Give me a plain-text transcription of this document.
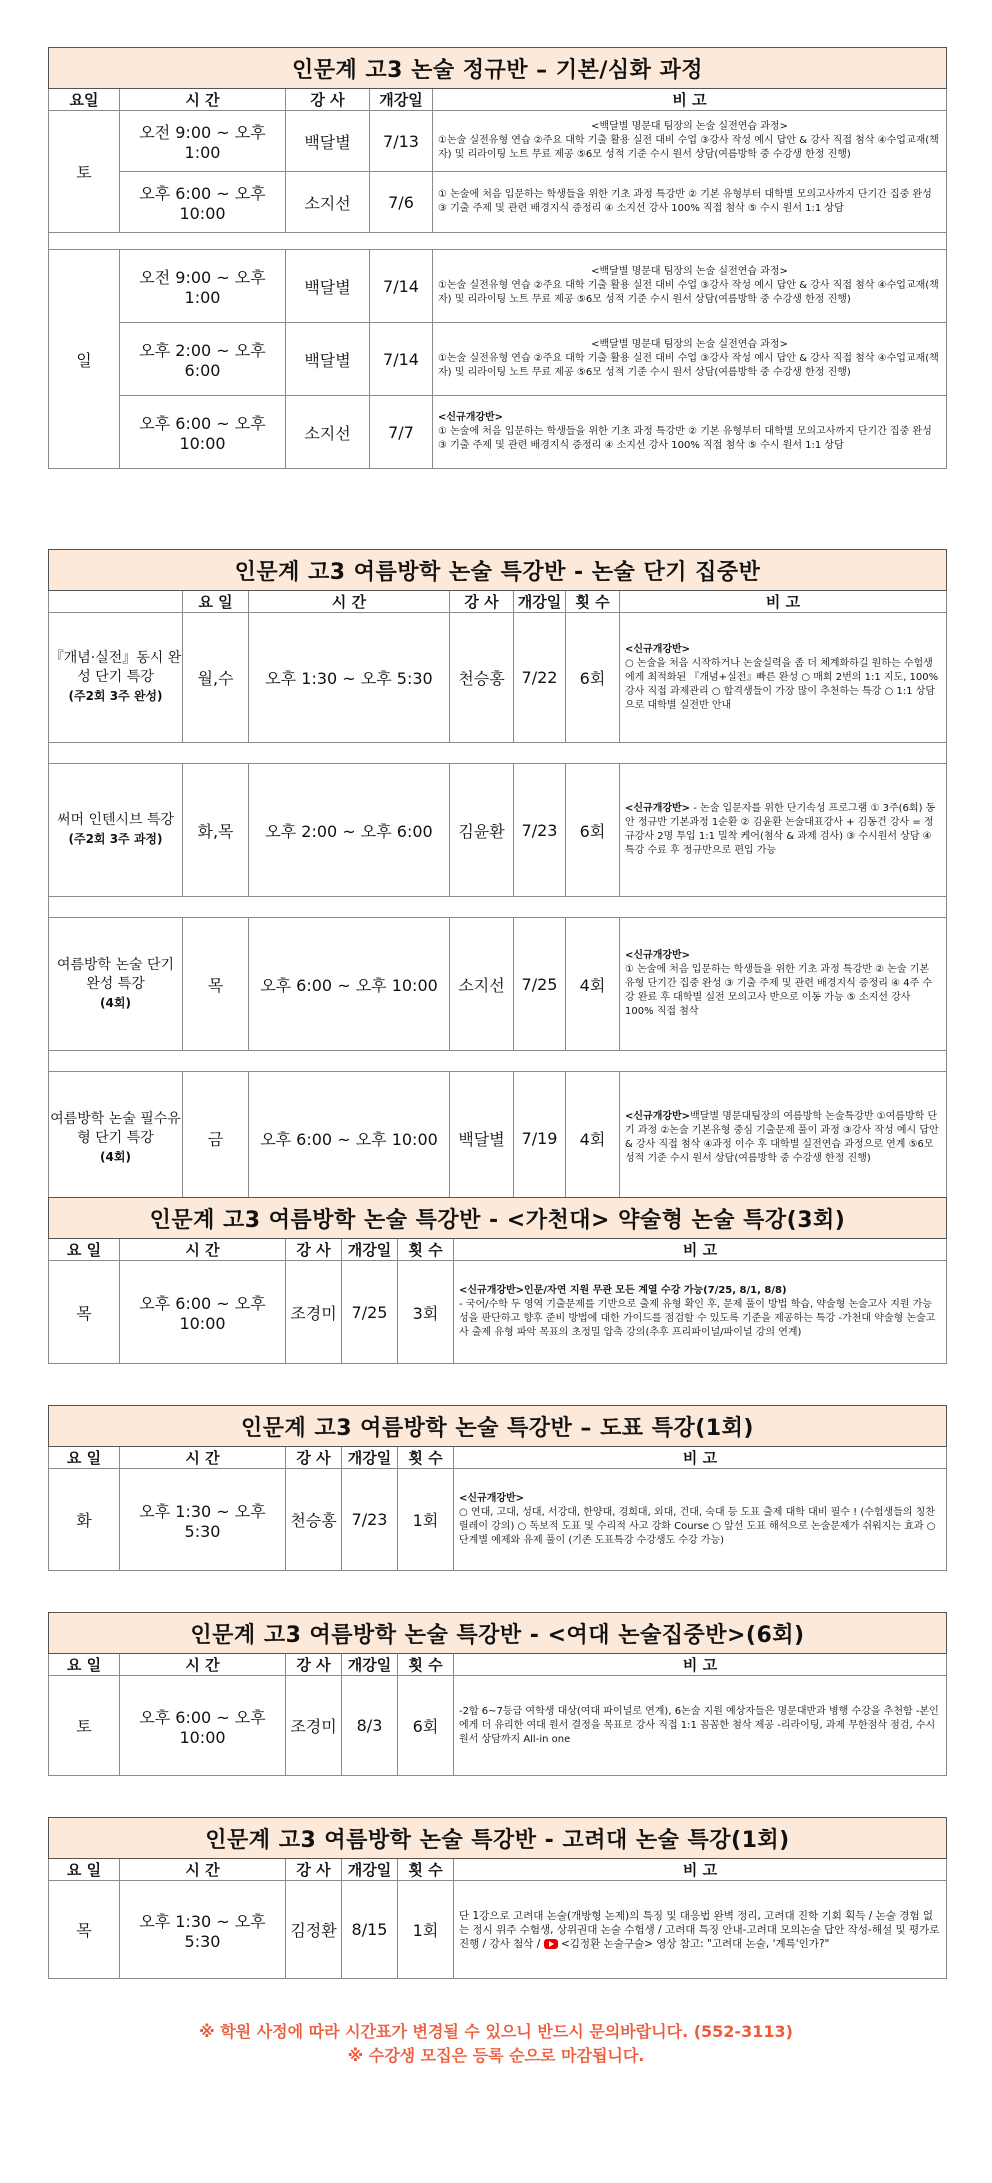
인문계 고3 논술 정규반 – 기본/심화 과정				
요일	시 간	강 사	개강일	비 고
토	오전 9:00 ~ 오후 1:00	백달별	7/13	<백달별 명문대 팀장의 논술 실전연습 과정>
①논술 실전유형 연습 ②주요 대학 기출 활용 실전 대비 수업 ③강사 작성 예시 답안 & 강사 직접 첨삭 ④수업교재(책자) 및 리라이팅 노트 무료 제공 ⑤6모 성적 기준 수시 원서 상담(여름방학 중 수강생 한정 진행)
	오후 6:00 ~ 오후 10:00	소지선	7/6	① 논술에 처음 입문하는 학생들을 위한 기초 과정 특강반 ② 기본 유형부터 대학별 모의고사까지 단기간 집중 완성 ③ 기출 주제 및 관련 배경지식 증정리 ④ 소지선 강사 100% 직접 첨삭 ⑤ 수시 원서 1:1 상담

일	오전 9:00 ~ 오후 1:00	백달별	7/14	<백달별 명문대 팀장의 논술 실전연습 과정>
①논술 실전유형 연습 ②주요 대학 기출 활용 실전 대비 수업 ③강사 작성 예시 답안 & 강사 직접 첨삭 ④수업교재(책자) 및 리라이팅 노트 무료 제공 ⑤6모 성적 기준 수시 원서 상담(여름방학 중 수강생 한정 진행)
	오후 2:00 ~ 오후 6:00	백달별	7/14	<백달별 명문대 팀장의 논술 실전연습 과정>
①논술 실전유형 연습 ②주요 대학 기출 활용 실전 대비 수업 ③강사 작성 예시 답안 & 강사 직접 첨삭 ④수업교재(책자) 및 리라이팅 노트 무료 제공 ⑤6모 성적 기준 수시 원서 상담(여름방학 중 수강생 한정 진행)
	오후 6:00 ~ 오후 10:00	소지선	7/7	<신규개강반>
① 논술에 처음 입문하는 학생들을 위한 기초 과정 특강반 ② 기본 유형부터 대학별 모의고사까지 단기간 집중 완성 ③ 기출 주제 및 관련 배경지식 증정리 ④ 소지선 강사 100% 직접 첨삭 ⑤ 수시 원서 1:1 상담
인문계 고3 여름방학 논술 특강반 - 논술 단기 집중반						
	요 일	시 간	강 사	개강일	횟 수	비 고
『개념·실전』동시 완성 단기 특강
(주2회 3주 완성)	월,수	오후 1:30 ~ 오후 5:30	천승홍	7/22	6회	<신규개강반>
○ 논술을 처음 시작하거나 논술실력을 좀 더 체계화하길 원하는 수험생에게 최적화된 『개념+실전』빠른 완성 ○ 매회 2번의 1:1 지도, 100% 강사 직접 과제관리 ○ 합격생들이 가장 많이 추천하는 특강 ○ 1:1 상담으로 대학별 실전반 안내

써머 인텐시브 특강
(주2회 3주 과정)	화,목	오후 2:00 ~ 오후 6:00	김윤환	7/23	6회	<신규개강반> - 논술 입문자를 위한 단기속성 프로그램 ① 3주(6회) 동안 정규반 기본과정 1순환 ② 김윤환 논술대표강사 + 김동건 강사 = 정규강사 2명 투입 1:1 밀착 케어(첨삭 & 과제 검사) ③ 수시원서 상담 ④ 특강 수료 후 정규반으로 편입 가능

여름방학 논술 단기 완성 특강
(4회)	목	오후 6:00 ~ 오후 10:00	소지선	7/25	4회	<신규개강반>
① 논술에 처음 입문하는 학생들을 위한 기초 과정 특강반 ② 논술 기본 유형 단기간 집중 완성 ③ 기출 주제 및 관련 배경지식 증정리 ④ 4주 수강 완료 후 대학별 실전 모의고사 반으로 이동 가능 ⑤ 소지선 강사 100% 직접 첨삭

여름방학 논술 필수유형 단기 특강
(4회)	금	오후 6:00 ~ 오후 10:00	백달별	7/19	4회	<신규개강반>백달별 명문대팀장의 여름방학 논술특강반 ①여름방학 단기 과정 ②논술 기본유형 중심 기출문제 풀이 과정 ③강사 작성 예시 답안 & 강사 직접 첨삭 ④과정 이수 후 대학별 실전연습 과정으로 연계 ⑤6모 성적 기준 수시 원서 상담(여름방학 중 수강생 한정 진행)
인문계 고3 여름방학 논술 특강반 - <가천대> 약술형 논술 특강(3회)					
요 일	시 간	강 사	개강일	횟 수	비 고
목	오후 6:00 ~ 오후 10:00	조경미	7/25	3회	<신규개강반>인문/자연 지원 무관 모든 계열 수강 가능(7/25, 8/1, 8/8)
- 국어/수학 두 영역 기출문제를 기반으로 출제 유형 확인 후, 문제 풀이 방법 학습, 약술형 논술고사 지원 가능성을 판단하고 향후 준비 방법에 대한 가이드를 점검할 수 있도록 기준을 제공하는 특강 -가천대 약술형 논술고사 출제 유형 파악 목표의 초정밀 압축 강의(추후 프리파이널/파이널 강의 연계)
인문계 고3 여름방학 논술 특강반 – 도표 특강(1회)					
요 일	시 간	강 사	개강일	횟 수	비 고
화	오후 1:30 ~ 오후 5:30	천승홍	7/23	1회	<신규개강반>
○ 연대, 고대, 성대, 서강대, 한양대, 경희대, 외대, 건대, 숙대 등 도표 출제 대학 대비 필수 ! (수험생들의 칭찬 릴레이 강의) ○ 독보적 도표 및 수리적 사고 강화 Course ○ 앞선 도표 해석으로 논술문제가 쉬워지는 효과 ○ 단계별 예제와 유제 풀이 (기존 도표특강 수강생도 수강 가능)
인문계 고3 여름방학 논술 특강반 - <여대 논술집중반>(6회)					
요 일	시 간	강 사	개강일	횟 수	비 고
토	오후 6:00 ~ 오후 10:00	조경미	8/3	6회	-2합 6~7등급 여학생 대상(여대 파이널로 연계), 6논술 지원 예상자들은 명문대반과 병행 수강을 추천함 -본인에게 더 유리한 여대 원서 결정을 목표로 강사 직접 1:1 꼼꼼한 첨삭 제공 -리라이팅, 과제 무한점삭 점검, 수시 원서 상담까지 All-in one
인문계 고3 여름방학 논술 특강반 - 고려대 논술 특강(1회)					
요 일	시 간	강 사	개강일	횟 수	비 고
목	오후 1:30 ~ 오후 5:30	김정환	8/15	1회	단 1강으로 고려대 논술(개방형 논제)의 특징 및 대응법 완벽 정리, 고려대 진학 기회 획득 / 논술 경험 없는 정시 위주 수험생, 상위권대 논술 수험생 / 고려대 특징 안내-고려대 모의논술 답안 작성-해설 및 평가로 진행 / 강사 첨삭 / <김정환 논술구술> 영상 참고: "고려대 논술, '계륵'인가?"
※ 학원 사정에 따라 시간표가 변경될 수 있으니 반드시 문의바랍니다. (552-3113)
※ 수강생 모집은 등록 순으로 마감됩니다.
